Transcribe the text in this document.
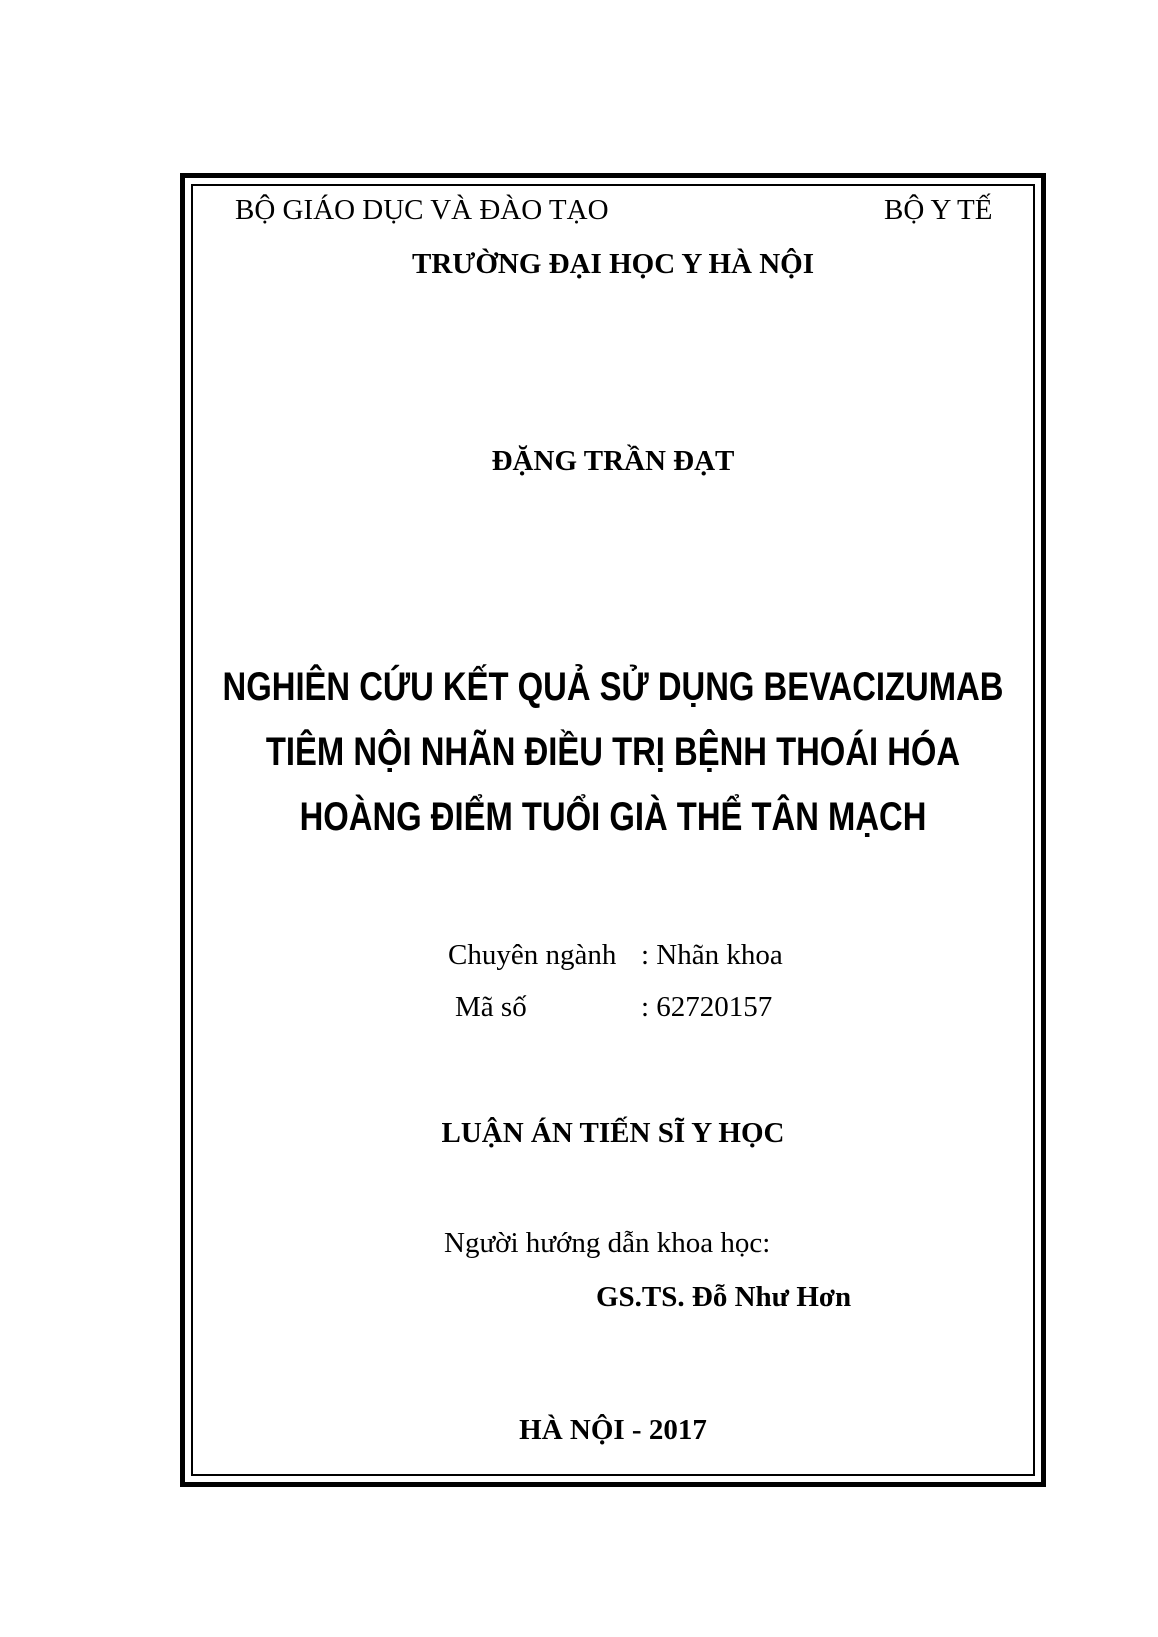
BỘ GIÁO DỤC VÀ ĐÀO TẠO	BỘ Y TẾ
TRƯỜNG ĐẠI HỌC Y HÀ NỘI
ĐẶNG TRẦN ĐẠT
NGHIÊN CỨU KẾT QUẢ SỬ DỤNG BEVACIZUMAB
TIÊM NỘI NHÃN ĐIỀU TRỊ BỆNH THOÁI HÓA
HOÀNG ĐIỂM TUỔI GIÀ THỂ TÂN MẠCH
Chuyên ngành : Nhãn khoa
Mã số	: 62720157
LUẬN ÁN TIẾN SĨ Y HỌC
Người hướng dẫn khoa học:
GS.TS. Đỗ Như Hơn
HÀ NỘI - 2017
